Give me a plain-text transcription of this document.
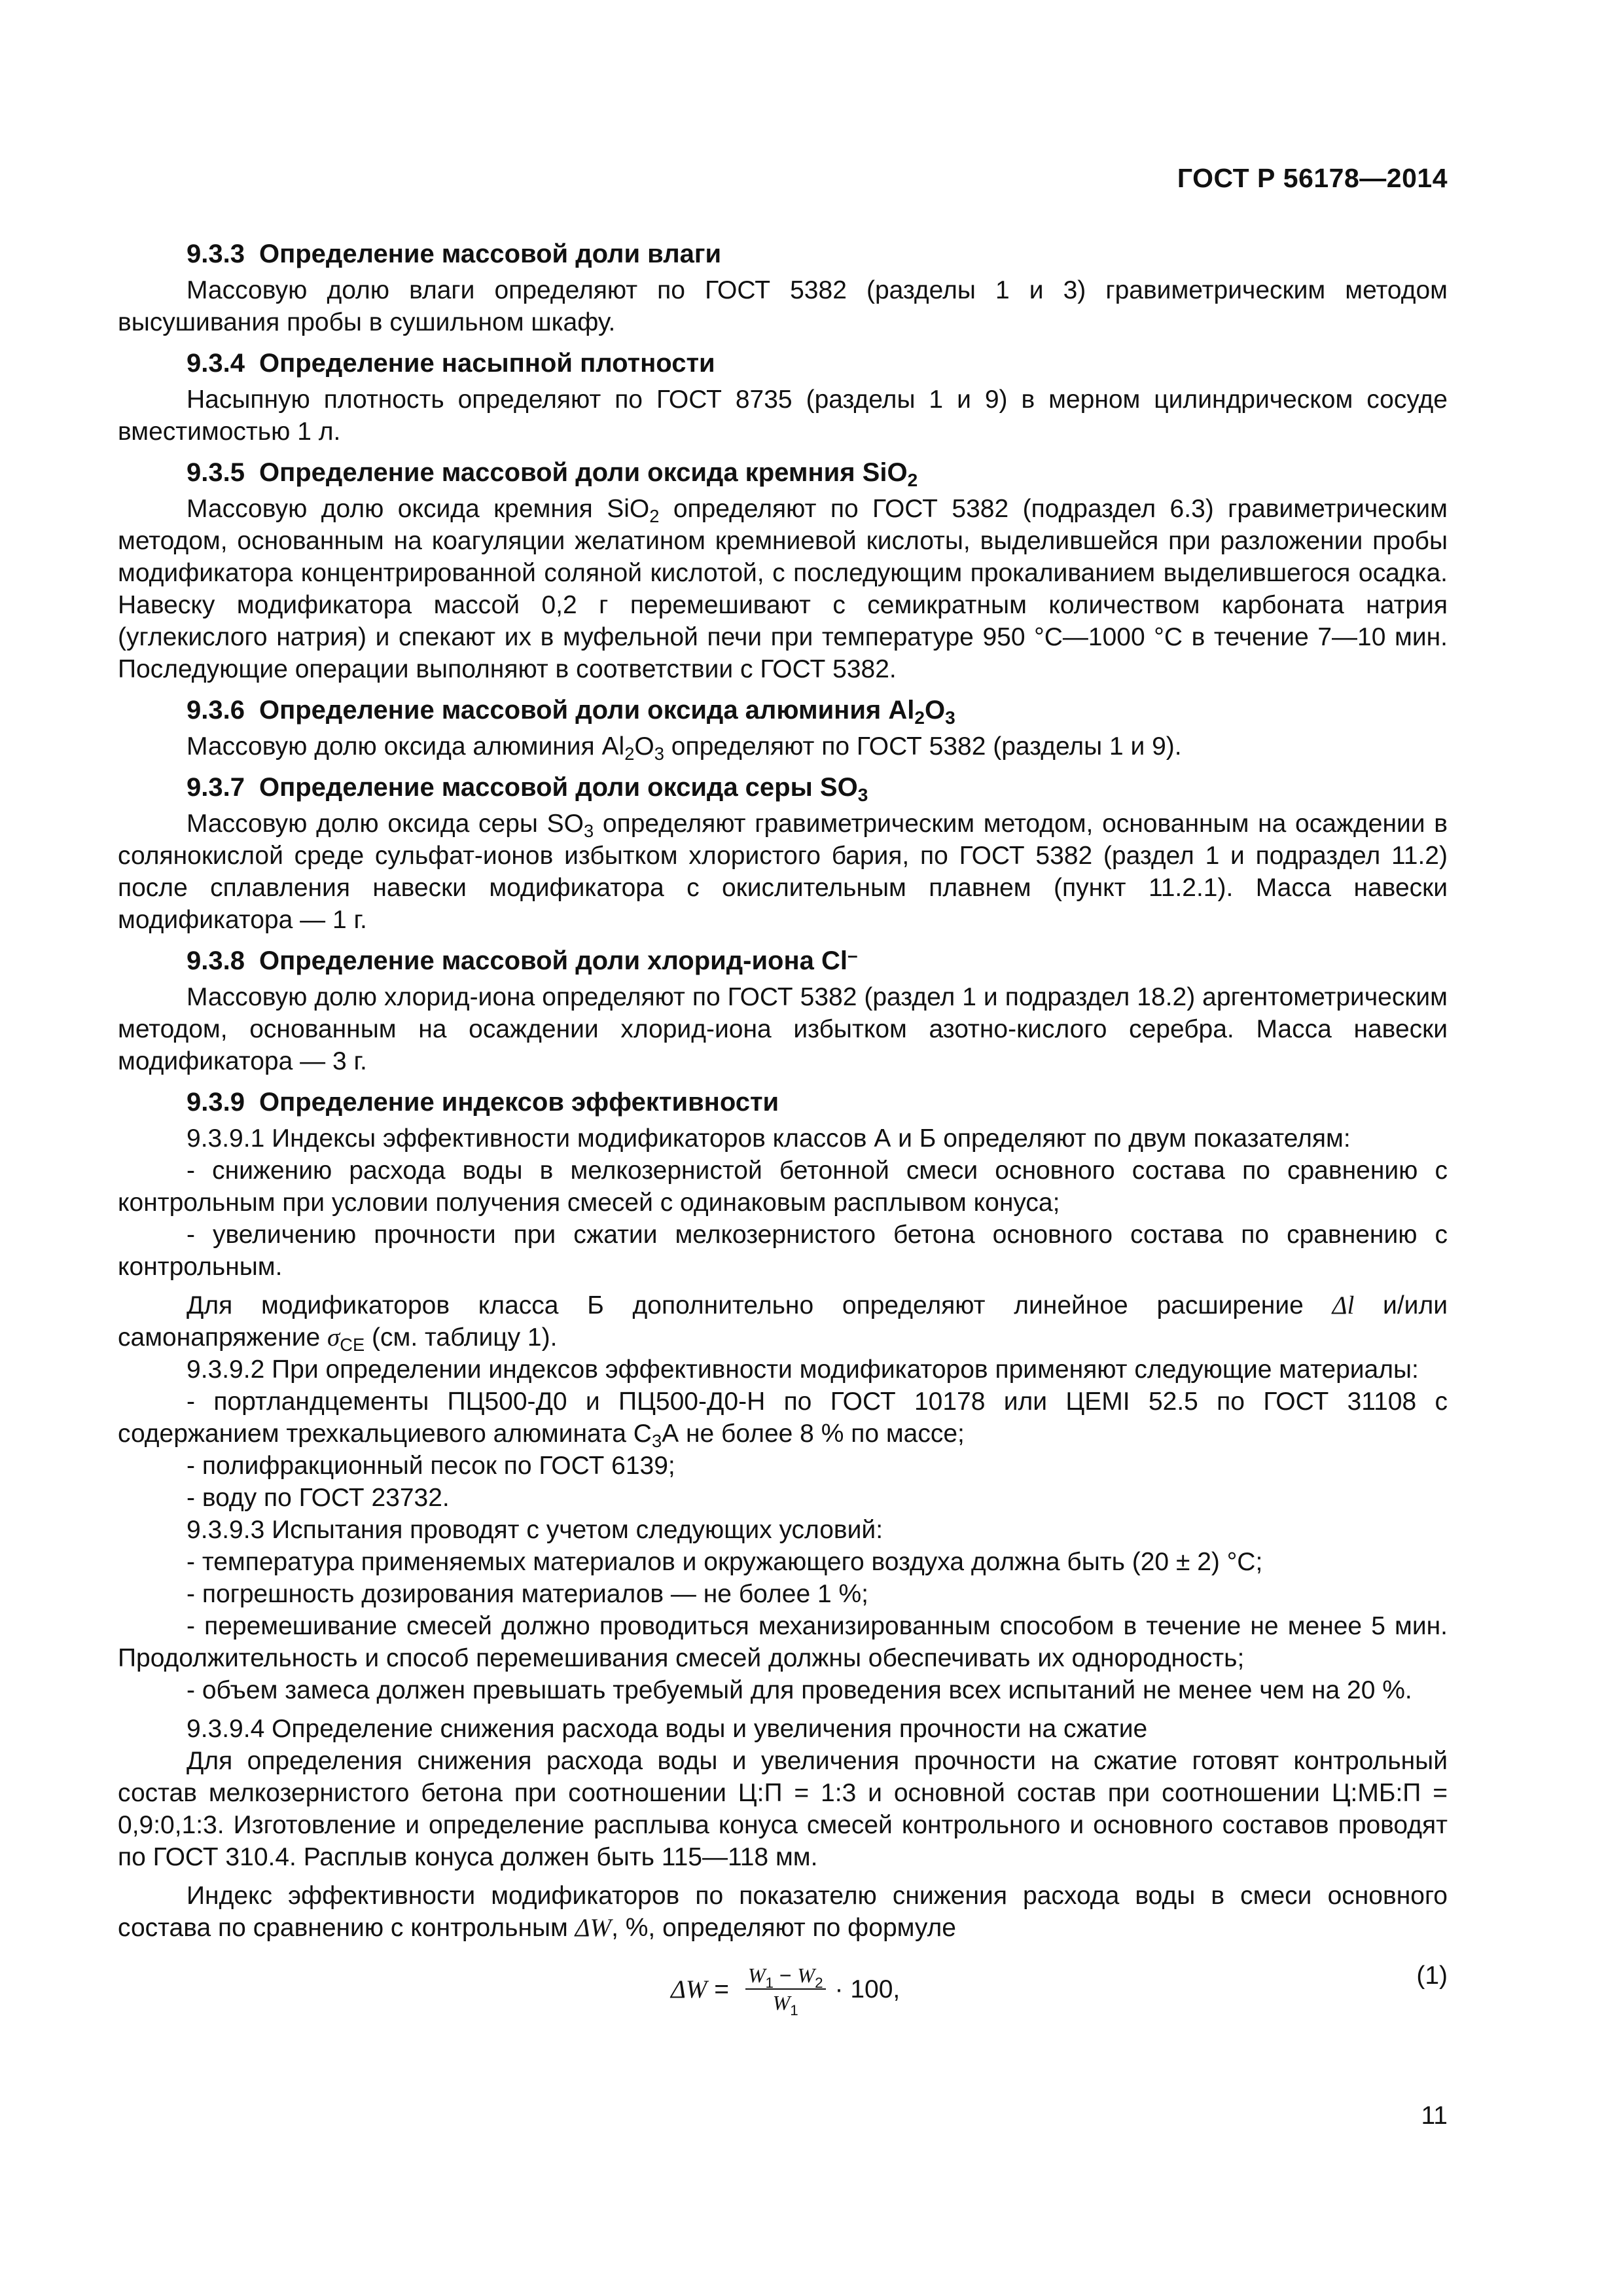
ГОСТ Р 56178—2014

9.3.3 Определение массовой доли влаги

Массовую долю влаги определяют по ГОСТ 5382 (разделы 1 и 3) гравиметрическим методом высушивания пробы в сушильном шкафу.

9.3.4 Определение насыпной плотности

Насыпную плотность определяют по ГОСТ 8735 (разделы 1 и 9) в мерном цилиндрическом сосуде вместимостью 1 л.

9.3.5 Определение массовой доли оксида кремния SiO$_2$

Массовую долю оксида кремния SiO$_2$ определяют по ГОСТ 5382 (подраздел 6.3) гравиметрическим методом, основанным на коагуляции желатином кремниевой кислоты, выделившейся при разложении пробы модификатора концентрированной соляной кислотой, с последующим прокаливанием выделившегося осадка. Навеску модификатора массой 0,2 г перемешивают с семикратным количеством карбоната натрия (углекислого натрия) и спекают их в муфельной печи при температуре 950 °С—1000 °С в течение 7—10 мин. Последующие операции выполняют в соответствии с ГОСТ 5382.

9.3.6 Определение массовой доли оксида алюминия $Al_2O_3$

Массовую долю оксида алюминия $Al_2O_3$ определяют по ГОСТ 5382 (разделы 1 и 9).

9.3.7 Определение массовой доли оксида серы $SO_3$

Массовую долю оксида серы $SO_3$ определяют гравиметрическим методом, основанным на осаждении в солянокислой среде сульфат-ионов избытком хлористого бария, по ГОСТ 5382 (раздел 1 и подраздел 11.2) после сплавления навески модификатора с окислительным плавнем (пункт 11.2.1). Масса навески модификатора — 1 г.

9.3.8 Определение массовой доли хлорид-иона Cl–

Массовую долю хлорид-иона определяют по ГОСТ 5382 (раздел 1 и подраздел 18.2) аргентометрическим методом, основанным на осаждении хлорид-иона избытком азотно-кислого серебра. Масса навески модификатора — 3 г.

9.3.9 Определение индексов эффективности

9.3.9.1 Индексы эффективности модификаторов классов А и Б определяют по двум показателям:

- снижению расхода воды в мелкозернистой бетонной смеси основного состава по сравнению с контрольным при условии получения смесей с одинаковым расплывом конуса;

- увеличению прочности при сжатии мелкозернистого бетона основного состава по сравнению с контрольным.

Для модификаторов класса Б дополнительно определяют линейное расширение Δl и/или самонапряжение $\sigma_{CE}$ (см. таблицу 1).

9.3.9.2 При определении индексов эффективности модификаторов применяют следующие материалы:

- портландцементы ПЦ500-Д0 и ПЦ500-Д0-Н по ГОСТ 10178 или ЦЕМI 52.5 по ГОСТ 31108 с содержанием трехкальциевого алюмината $С_3А$ не более 8 % по массе;

- полифракционный песок по ГОСТ 6139;

- воду по ГОСТ 23732.

9.3.9.3 Испытания проводят с учетом следующих условий:

- температура применяемых материалов и окружающего воздуха должна быть (20 ± 2) °С;

- погрешность дозирования материалов — не более 1 %;

- перемешивание смесей должно проводиться механизированным способом в течение не менее 5 мин. Продолжительность и способ перемешивания смесей должны обеспечивать их однородность;

- объем замеса должен превышать требуемый для проведения всех испытаний не менее чем на 20 %.

9.3.9.4 Определение снижения расхода воды и увеличения прочности на сжатие

Для определения снижения расхода воды и увеличения прочности на сжатие готовят контрольный состав мелкозернистого бетона при соотношении Ц:П = 1:3 и основной состав при соотношении Ц:МБ:П = 0,9:0,1:3. Изготовление и определение расплыва конуса смесей контрольного и основного составов проводят по ГОСТ 310.4. Расплыв конуса должен быть 115—118 мм.

Индекс эффективности модификаторов по показателю снижения расхода воды в смеси основного состава по сравнению с контрольным ΔW, %, определяют по формуле

$\Delta W = \frac{W_1 - W_2}{W_1} \cdot 100$,	(1)
11
